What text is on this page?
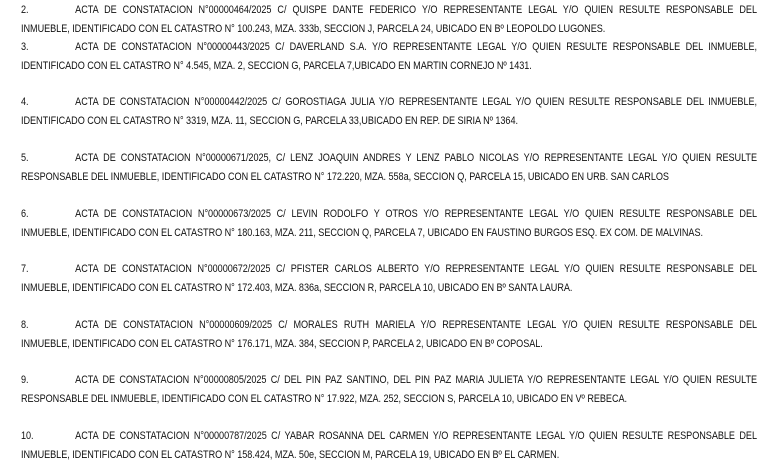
2.	ACTA DE CONSTATACION N°00000464/2025 C/ QUISPE DANTE FEDERICO Y/O REPRESENTANTE LEGAL Y/O QUIEN RESULTE RESPONSABLE DEL
INMUEBLE, IDENTIFICADO CON EL CATASTRO N° 100.243, MZA. 333b, SECCION J, PARCELA 24, UBICADO EN Bº LEOPOLDO LUGONES.
3.	ACTA DE CONSTATACION N°00000443/2025 C/ DAVERLAND S.A. Y/O REPRESENTANTE LEGAL Y/O QUIEN RESULTE RESPONSABLE DEL INMUEBLE,
IDENTIFICADO CON EL CATASTRO N° 4.545, MZA. 2, SECCION G, PARCELA 7,UBICADO EN MARTIN CORNEJO Nº 1431.
4.	ACTA DE CONSTATACION N°00000442/2025 C/ GOROSTIAGA JULIA Y/O REPRESENTANTE LEGAL Y/O QUIEN RESULTE RESPONSABLE DEL INMUEBLE,
IDENTIFICADO CON EL CATASTRO N° 3319, MZA. 11, SECCION G, PARCELA 33,UBICADO EN REP. DE SIRIA Nº 1364.
5.	ACTA DE CONSTATACION N°00000671/2025, C/ LENZ JOAQUIN ANDRES Y LENZ PABLO NICOLAS Y/O REPRESENTANTE LEGAL Y/O QUIEN RESULTE
RESPONSABLE DEL INMUEBLE, IDENTIFICADO CON EL CATASTRO N° 172.220, MZA. 558a, SECCION Q, PARCELA 15, UBICADO EN URB. SAN CARLOS
6.	ACTA DE CONSTATACION N°00000673/2025 C/ LEVIN RODOLFO Y OTROS Y/O REPRESENTANTE LEGAL Y/O QUIEN RESULTE RESPONSABLE DEL
INMUEBLE, IDENTIFICADO CON EL CATASTRO N° 180.163, MZA. 211, SECCION Q, PARCELA 7, UBICADO EN FAUSTINO BURGOS ESQ. EX COM. DE MALVINAS.
7.	ACTA DE CONSTATACION N°00000672/2025 C/ PFISTER CARLOS ALBERTO Y/O REPRESENTANTE LEGAL Y/O QUIEN RESULTE RESPONSABLE DEL
INMUEBLE, IDENTIFICADO CON EL CATASTRO N° 172.403, MZA. 836a, SECCION R, PARCELA 10, UBICADO EN Bº SANTA LAURA.
8.	ACTA DE CONSTATACION N°00000609/2025 C/ MORALES RUTH MARIELA Y/O REPRESENTANTE LEGAL Y/O QUIEN RESULTE RESPONSABLE DEL
INMUEBLE, IDENTIFICADO CON EL CATASTRO N° 176.171, MZA. 384, SECCION P, PARCELA 2, UBICADO EN Bº COPOSAL.
9.	ACTA DE CONSTATACION N°00000805/2025 C/ DEL PIN PAZ SANTINO, DEL PIN PAZ MARIA JULIETA Y/O REPRESENTANTE LEGAL Y/O QUIEN RESULTE
RESPONSABLE DEL INMUEBLE, IDENTIFICADO CON EL CATASTRO N° 17.922, MZA. 252, SECCION S, PARCELA 10, UBICADO EN Vº REBECA.
10.	ACTA DE CONSTATACION N°00000787/2025 C/ YABAR ROSANNA DEL CARMEN Y/O REPRESENTANTE LEGAL Y/O QUIEN RESULTE RESPONSABLE DEL
INMUEBLE, IDENTIFICADO CON EL CATASTRO N° 158.424, MZA. 50e, SECCION M, PARCELA 19, UBICADO EN Bº EL CARMEN.
